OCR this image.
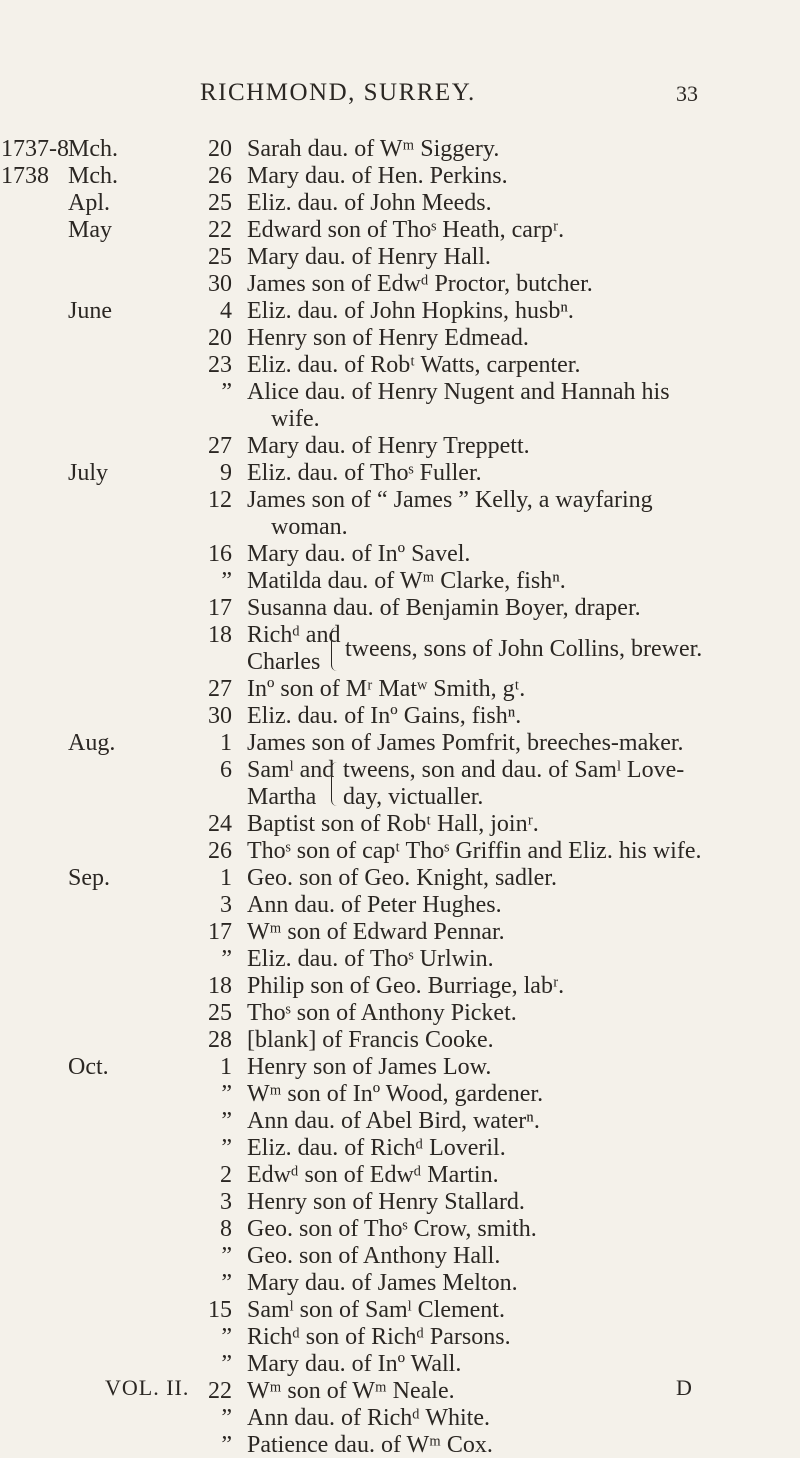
RICHMOND, SURREY.	33
1737-8 Mch.	20 Sarah dau. of Wᵐ Siggery.
1738 Mch.	26 Mary dau. of Hen. Perkins.
Apl.	25 Eliz. dau. of John Meeds.
May	22 Edward son of Thoˢ Heath, carpʳ.
25 Mary dau. of Henry Hall.
30 James son of Edwᵈ Proctor, butcher.
June	4 Eliz. dau. of John Hopkins, husbⁿ.
20 Henry son of Henry Edmead.
23 Eliz. dau. of Robᵗ Watts, carpenter.
” Alice dau. of Henry Nugent and Hannah his
wife.
27 Mary dau. of Henry Treppett.
July	9 Eliz. dau. of Thoˢ Fuller.
12 James son of “ James ” Kelly, a wayfaring
woman.
16 Mary dau. of Inº Savel.
” Matilda dau. of Wᵐ Clarke, fishⁿ.
17 Susanna dau. of Benjamin Boyer, draper.
18 Richᵈ and
Charles
tweens, sons of John Collins, brewer.
27 Inº son of Mʳ Matʷ Smith, gᵗ.
30 Eliz. dau. of Inº Gains, fishⁿ.
Aug.	1 James son of James Pomfrit, breeches-maker.
6 Samˡ and
Martha
tweens, son and dau. of Samˡ Love-
day, victualler.
24 Baptist son of Robᵗ Hall, joinʳ.
26 Thoˢ son of capᵗ Thoˢ Griffin and Eliz. his wife.
Sep.	1 Geo. son of Geo. Knight, sadler.
3 Ann dau. of Peter Hughes.
17 Wᵐ son of Edward Pennar.
” Eliz. dau. of Thoˢ Urlwin.
18 Philip son of Geo. Burriage, labʳ.
25 Thoˢ son of Anthony Picket.
28 [blank] of Francis Cooke.
Oct.	1 Henry son of James Low.
” Wᵐ son of Inº Wood, gardener.
” Ann dau. of Abel Bird, waterⁿ.
” Eliz. dau. of Richᵈ Loveril.
2 Edwᵈ son of Edwᵈ Martin.
3 Henry son of Henry Stallard.
8 Geo. son of Thoˢ Crow, smith.
” Geo. son of Anthony Hall.
” Mary dau. of James Melton.
15 Samˡ son of Samˡ Clement.
” Richᵈ son of Richᵈ Parsons.
” Mary dau. of Inº Wall.
22 Wᵐ son of Wᵐ Neale.
” Ann dau. of Richᵈ White.
” Patience dau. of Wᵐ Cox.
VOL. II.	D
